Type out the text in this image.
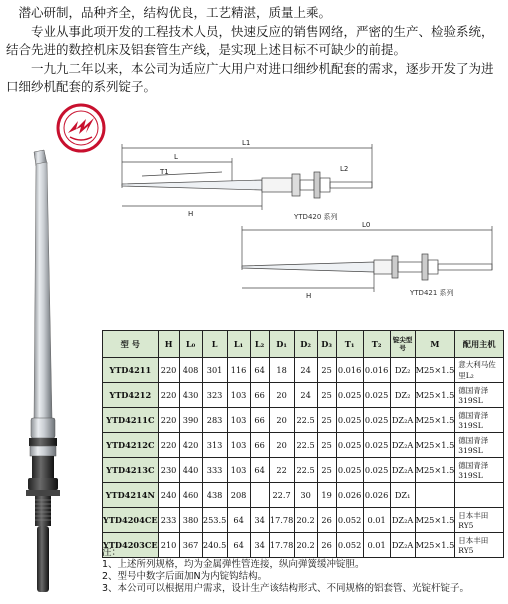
潜心研制，品种齐全，结构优良，工艺精湛，质量上乘。

专业从事此项开发的工程技术人员，快速反应的销售网络，严密的生产、检验系统，结合先进的数控机床及铝套管生产线，是实现上述目标不可缺少的前提。

一九九二年以来，本公司为适应广大用户对进口细纱机配套的需求，逐步开发了为进口细纱机配套的系列锭子。

L1
L
T1
H
L0
H
L2
YTD420 系列
YTD421 系列
型 号	H	L₀	L	L₁	L₂	D₁	D₂	D₃	T₁	T₂	锭尖型号	M	配用主机
YTD4211	220	408	301	116	64	18	24	25	0.016	0.016	DZ₂	M25×1.5	意大利马佐里L₂
YTD4212	220	430	323	103	66	20	24	25	0.025	0.025	DZ₂	M25×1.5	德国青泽319SL
YTD4211C	220	390	283	103	66	20	22.5	25	0.025	0.025	DZ₂A	M25×1.5	德国青泽319SL
YTD4212C	220	420	313	103	66	20	22.5	25	0.025	0.025	DZ₂A	M25×1.5	德国青泽319SL
YTD4213C	230	440	333	103	64	22	22.5	25	0.025	0.025	DZ₂A	M25×1.5	德国青泽319SL
YTD4214N	240	460	438	208		22.7	30	19	0.026	0.026	DZ₁		
YTD4204CE	233	380	253.5	64	34	17.78	20.2	26	0.052	0.01	DZ₂A	M25×1.5	日本丰田RY5
YTD4203CE	210	367	240.5	64	34	17.78	20.2	26	0.052	0.01	DZ₂A	M25×1.5	日本丰田RY5
注：
1、上述所列规格，均为金属弹性管连接，纵向弹簧缓冲锭胆。
2、型号中数字后面加N为内锭钩结构。
3、本公司可以根据用户需求，设计生产该结构形式、不同规格的铝套管、光锭杆锭子。
